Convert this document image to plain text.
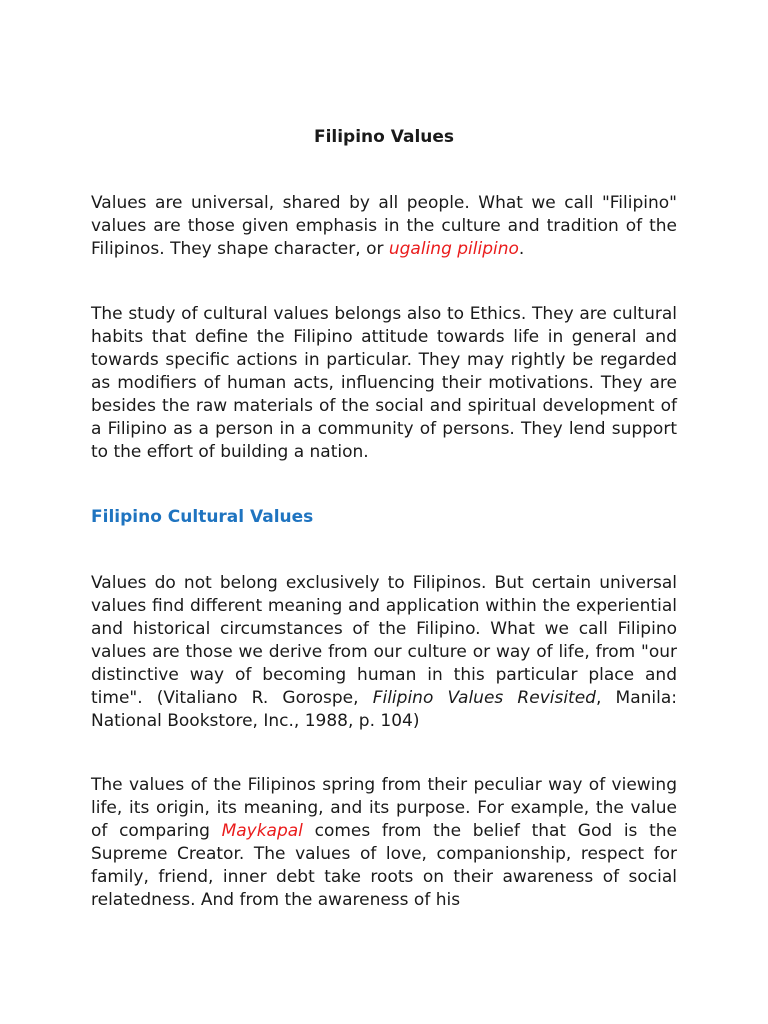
Filipino Values

Values are universal, shared by all people. What we call "Filipino" values are those given emphasis in the culture and tradition of the Filipinos. They shape character, or ugaling pilipino.

The study of cultural values belongs also to Ethics. They are cultural habits that define the Filipino attitude towards life in general and towards specific actions in particular. They may rightly be regarded as modifiers of human acts, influencing their motivations. They are besides the raw materials of the social and spiritual development of a Filipino as a person in a community of persons. They lend support to the effort of building a nation.

Filipino Cultural Values

Values do not belong exclusively to Filipinos. But certain universal values find different meaning and application within the experiential and historical circumstances of the Filipino. What we call Filipino values are those we derive from our culture or way of life, from "our distinctive way of becoming human in this particular place and time". (Vitaliano R. Gorospe, Filipino Values Revisited, Manila: National Bookstore, Inc., 1988, p. 104)

The values of the Filipinos spring from their peculiar way of viewing life, its origin, its meaning, and its purpose. For example, the value of comparing Maykapal comes from the belief that God is the Supreme Creator. The values of love, companionship, respect for family, friend, inner debt take roots on their awareness of social relatedness. And from the awareness of his
